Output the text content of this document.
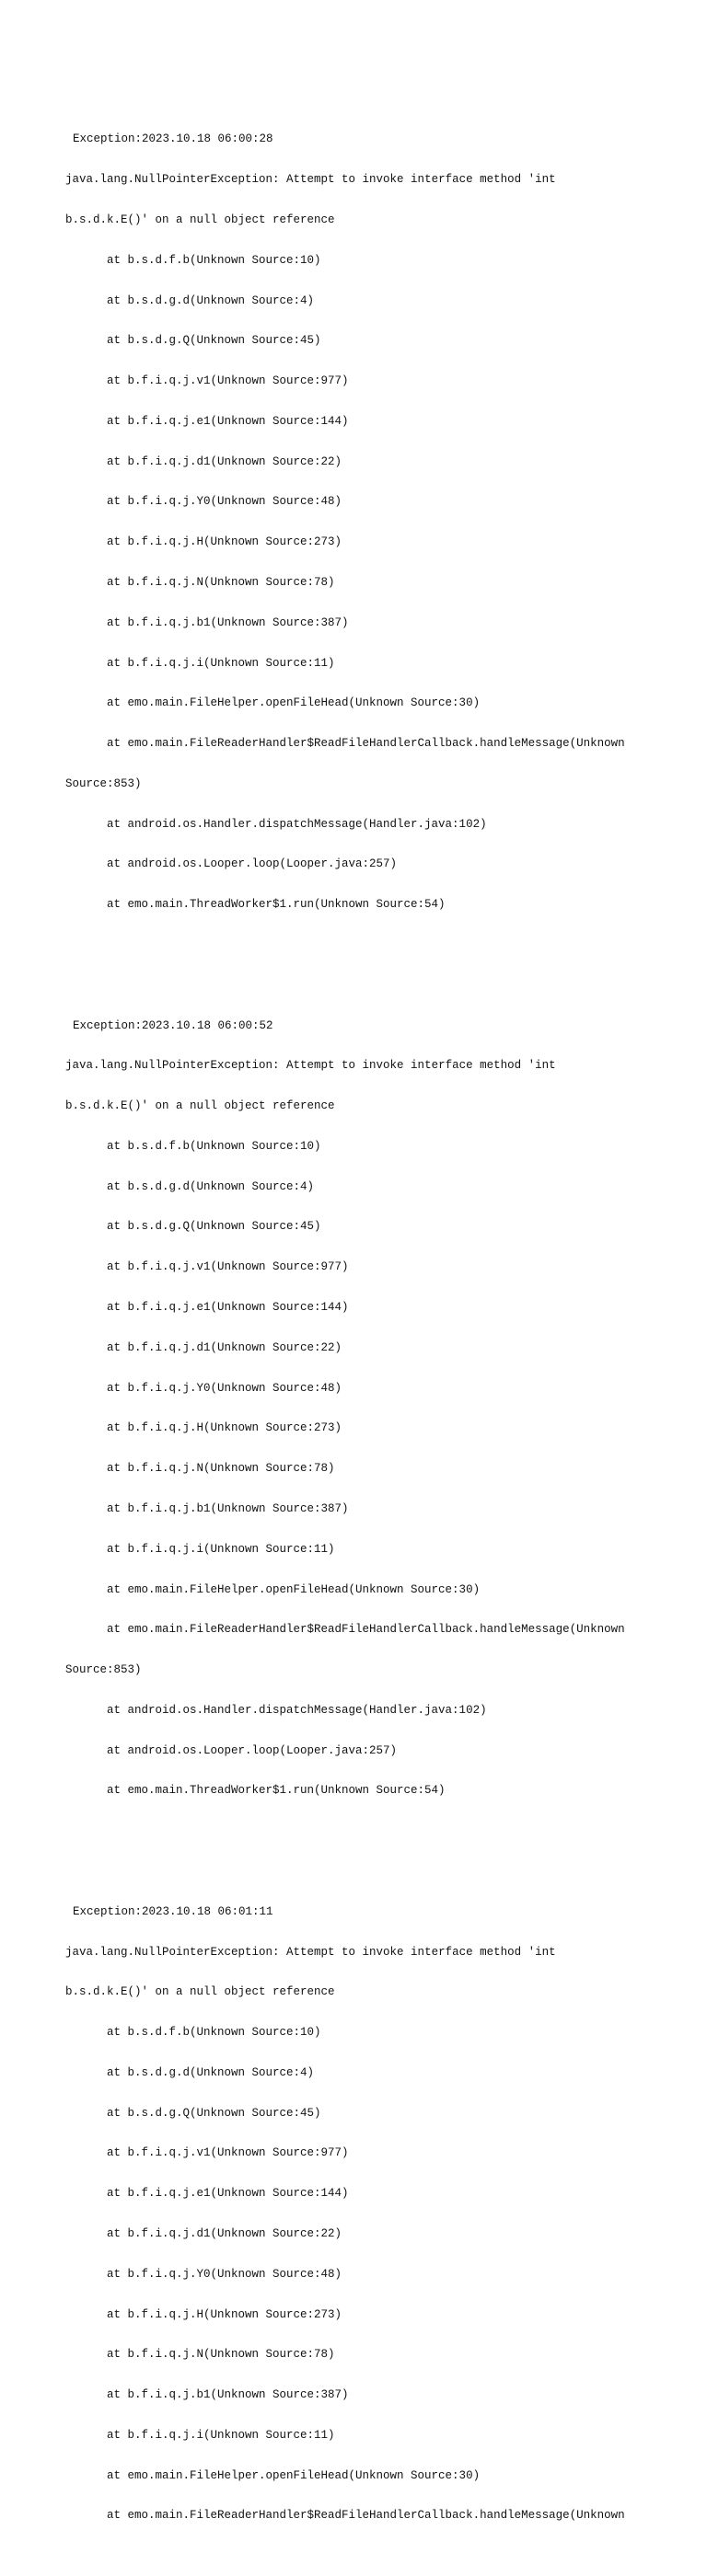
Exception:2023.10.18 06:00:28

java.lang.NullPointerException: Attempt to invoke interface method 'int

b.s.d.k.E()' on a null object reference

at b.s.d.f.b(Unknown Source:10)

at b.s.d.g.d(Unknown Source:4)

at b.s.d.g.Q(Unknown Source:45)

at b.f.i.q.j.v1(Unknown Source:977)

at b.f.i.q.j.e1(Unknown Source:144)

at b.f.i.q.j.d1(Unknown Source:22)

at b.f.i.q.j.Y0(Unknown Source:48)

at b.f.i.q.j.H(Unknown Source:273)

at b.f.i.q.j.N(Unknown Source:78)

at b.f.i.q.j.b1(Unknown Source:387)

at b.f.i.q.j.i(Unknown Source:11)

at emo.main.FileHelper.openFileHead(Unknown Source:30)

at emo.main.FileReaderHandler$ReadFileHandlerCallback.handleMessage(Unknown

Source:853)

at android.os.Handler.dispatchMessage(Handler.java:102)

at android.os.Looper.loop(Looper.java:257)

at emo.main.ThreadWorker$1.run(Unknown Source:54)

Exception:2023.10.18 06:00:52

java.lang.NullPointerException: Attempt to invoke interface method 'int

b.s.d.k.E()' on a null object reference

at b.s.d.f.b(Unknown Source:10)

at b.s.d.g.d(Unknown Source:4)

at b.s.d.g.Q(Unknown Source:45)

at b.f.i.q.j.v1(Unknown Source:977)

at b.f.i.q.j.e1(Unknown Source:144)

at b.f.i.q.j.d1(Unknown Source:22)

at b.f.i.q.j.Y0(Unknown Source:48)

at b.f.i.q.j.H(Unknown Source:273)

at b.f.i.q.j.N(Unknown Source:78)

at b.f.i.q.j.b1(Unknown Source:387)

at b.f.i.q.j.i(Unknown Source:11)

at emo.main.FileHelper.openFileHead(Unknown Source:30)

at emo.main.FileReaderHandler$ReadFileHandlerCallback.handleMessage(Unknown

Source:853)

at android.os.Handler.dispatchMessage(Handler.java:102)

at android.os.Looper.loop(Looper.java:257)

at emo.main.ThreadWorker$1.run(Unknown Source:54)

Exception:2023.10.18 06:01:11

java.lang.NullPointerException: Attempt to invoke interface method 'int

b.s.d.k.E()' on a null object reference

at b.s.d.f.b(Unknown Source:10)

at b.s.d.g.d(Unknown Source:4)

at b.s.d.g.Q(Unknown Source:45)

at b.f.i.q.j.v1(Unknown Source:977)

at b.f.i.q.j.e1(Unknown Source:144)

at b.f.i.q.j.d1(Unknown Source:22)

at b.f.i.q.j.Y0(Unknown Source:48)

at b.f.i.q.j.H(Unknown Source:273)

at b.f.i.q.j.N(Unknown Source:78)

at b.f.i.q.j.b1(Unknown Source:387)

at b.f.i.q.j.i(Unknown Source:11)

at emo.main.FileHelper.openFileHead(Unknown Source:30)

at emo.main.FileReaderHandler$ReadFileHandlerCallback.handleMessage(Unknown
